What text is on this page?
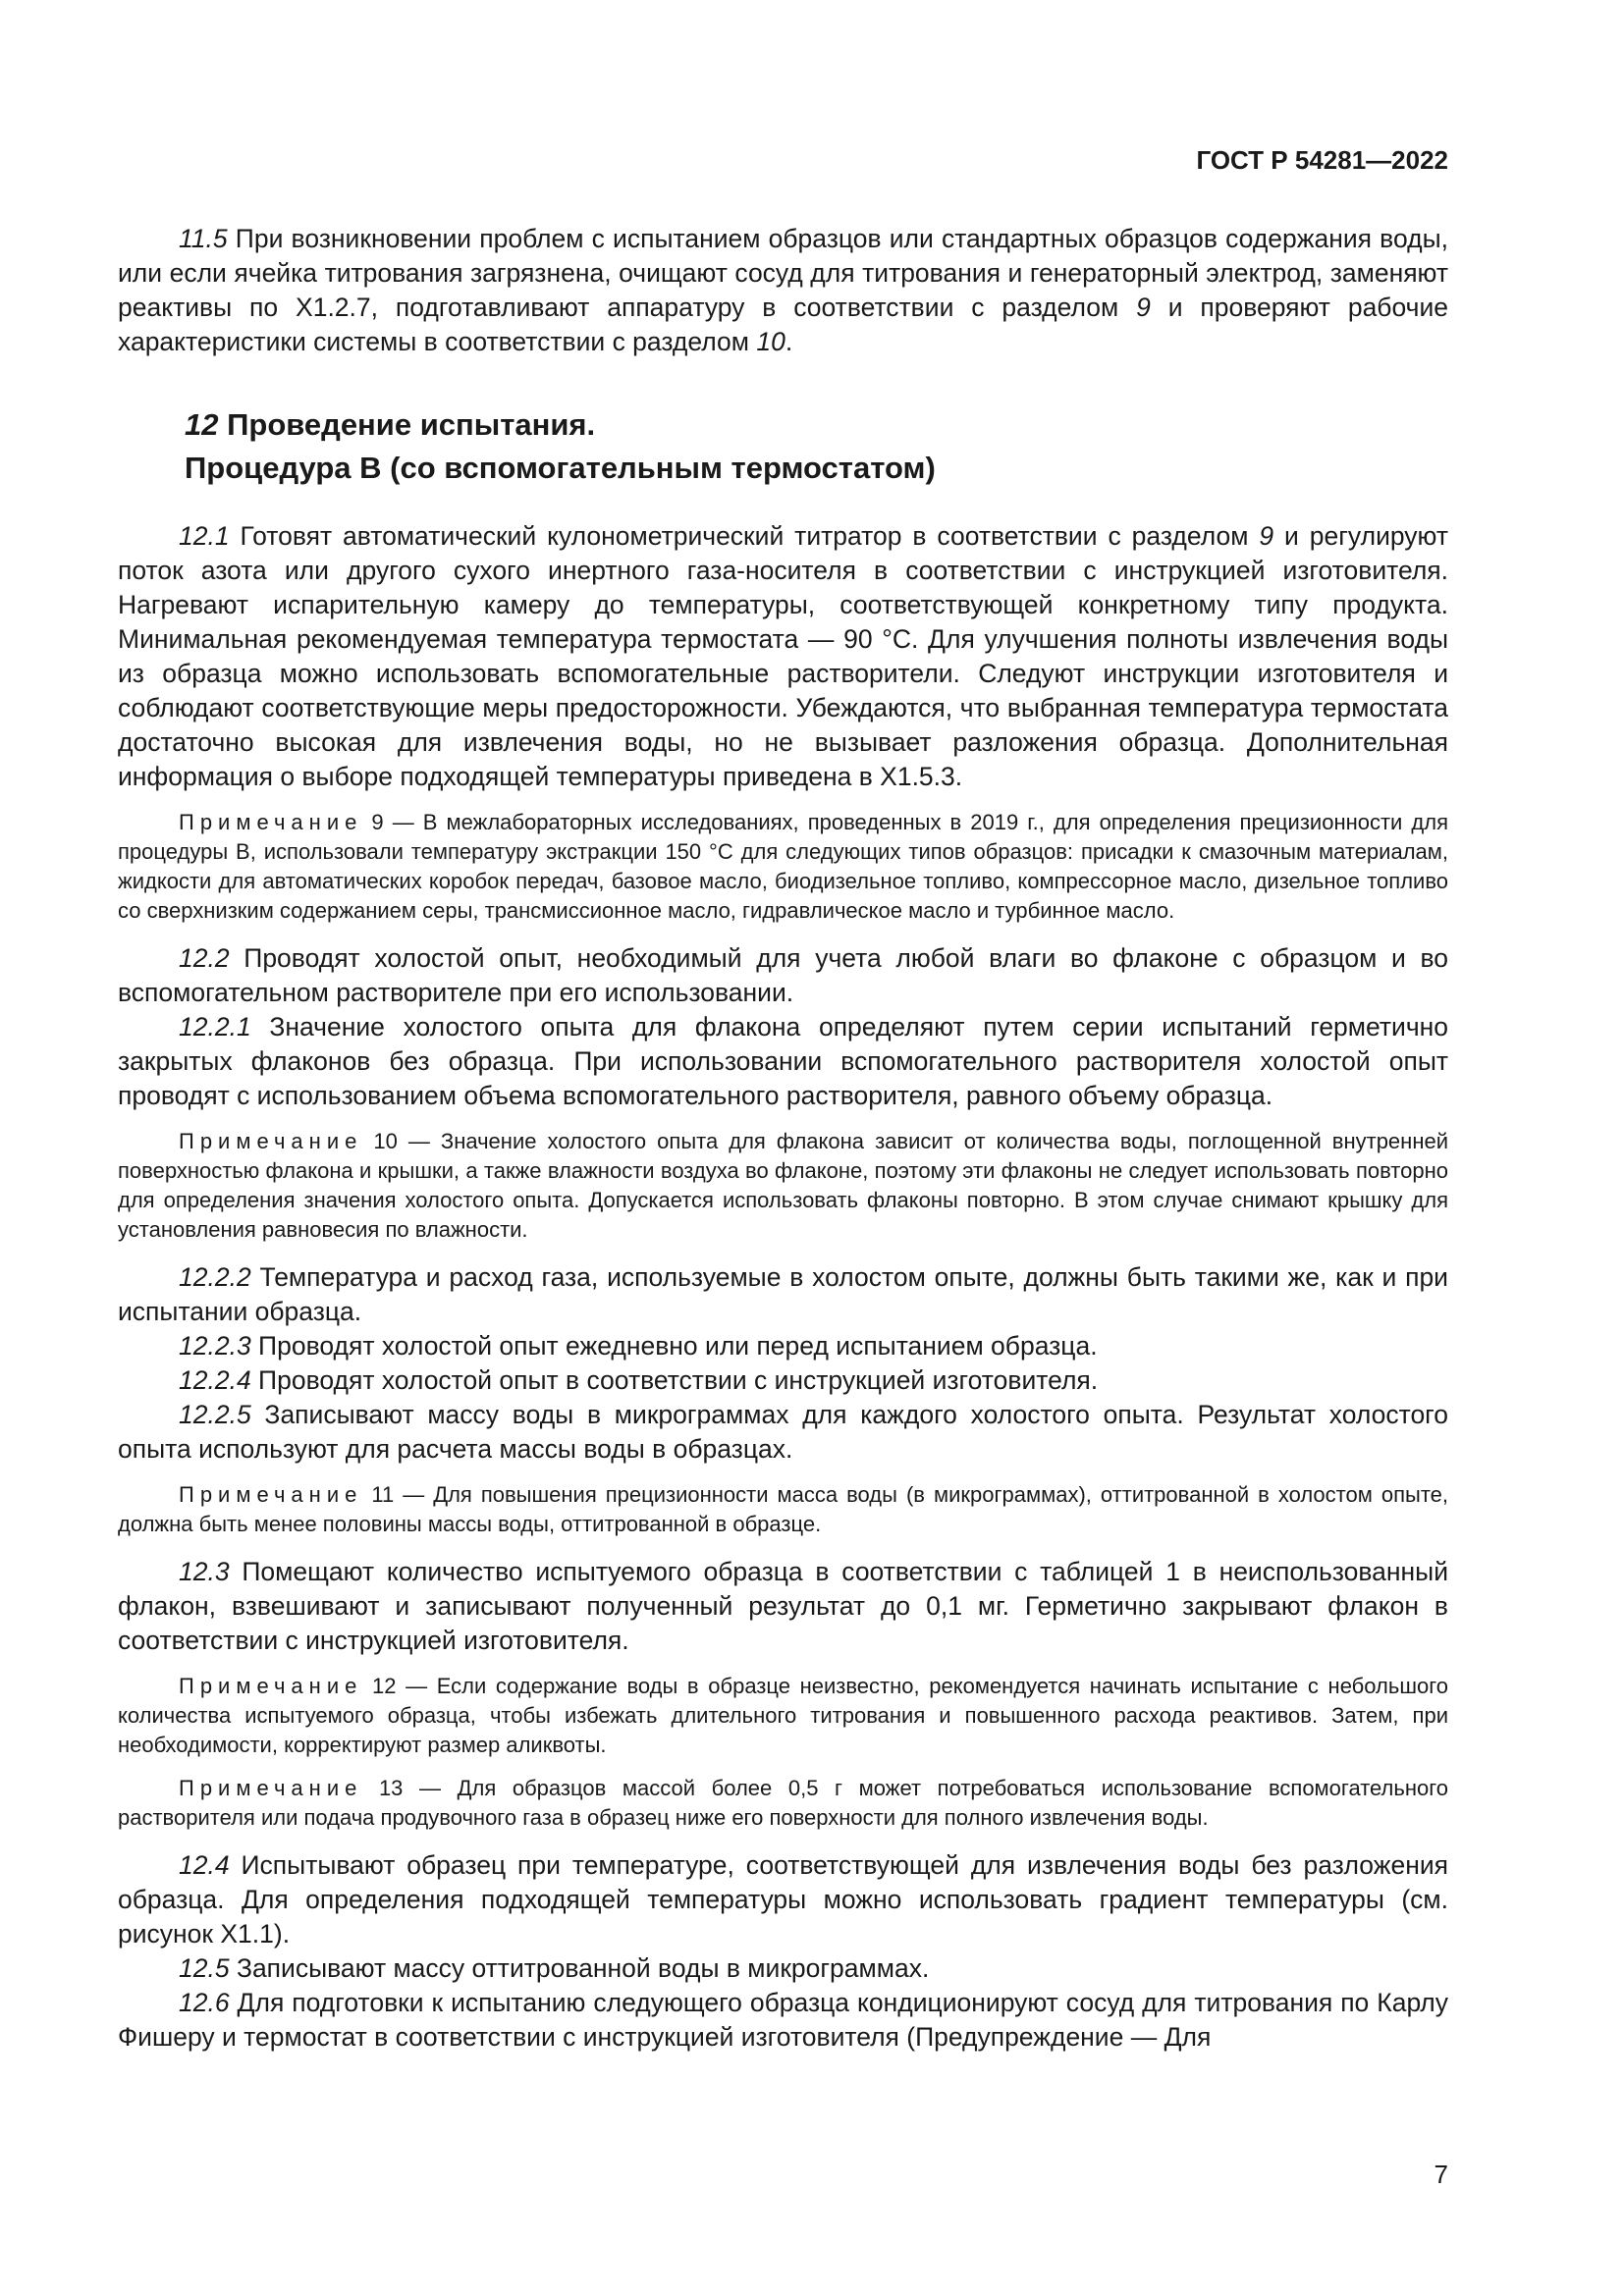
ГОСТ Р 54281—2022

11.5 При возникновении проблем с испытанием образцов или стандартных образцов содержания воды, или если ячейка титрования загрязнена, очищают сосуд для титрования и генераторный электрод, заменяют реактивы по X1.2.7, подготавливают аппаратуру в соответствии с разделом 9 и проверяют рабочие характеристики системы в соответствии с разделом 10.

12 Проведение испытания.
Процедура В (со вспомогательным термостатом)

12.1 Готовят автоматический кулонометрический титратор в соответствии с разделом 9 и регулируют поток азота или другого сухого инертного газа-носителя в соответствии с инструкцией изготовителя. Нагревают испарительную камеру до температуры, соответствующей конкретному типу продукта. Минимальная рекомендуемая температура термостата — 90 °С. Для улучшения полноты извлечения воды из образца можно использовать вспомогательные растворители. Следуют инструкции изготовителя и соблюдают соответствующие меры предосторожности. Убеждаются, что выбранная температура термостата достаточно высокая для извлечения воды, но не вызывает разложения образца. Дополнительная информация о выборе подходящей температуры приведена в X1.5.3.

Примечание 9 — В межлабораторных исследованиях, проведенных в 2019 г., для определения прецизионности для процедуры В, использовали температуру экстракции 150 °С для следующих типов образцов: присадки к смазочным материалам, жидкости для автоматических коробок передач, базовое масло, биодизельное топливо, компрессорное масло, дизельное топливо со сверхнизким содержанием серы, трансмиссионное масло, гидравлическое масло и турбинное масло.

12.2 Проводят холостой опыт, необходимый для учета любой влаги во флаконе с образцом и во вспомогательном растворителе при его использовании.

12.2.1 Значение холостого опыта для флакона определяют путем серии испытаний герметично закрытых флаконов без образца. При использовании вспомогательного растворителя холостой опыт проводят с использованием объема вспомогательного растворителя, равного объему образца.

Примечание 10 — Значение холостого опыта для флакона зависит от количества воды, поглощенной внутренней поверхностью флакона и крышки, а также влажности воздуха во флаконе, поэтому эти флаконы не следует использовать повторно для определения значения холостого опыта. Допускается использовать флаконы повторно. В этом случае снимают крышку для установления равновесия по влажности.

12.2.2 Температура и расход газа, используемые в холостом опыте, должны быть такими же, как и при испытании образца.

12.2.3 Проводят холостой опыт ежедневно или перед испытанием образца.

12.2.4 Проводят холостой опыт в соответствии с инструкцией изготовителя.

12.2.5 Записывают массу воды в микрограммах для каждого холостого опыта. Результат холостого опыта используют для расчета массы воды в образцах.

Примечание 11 — Для повышения прецизионности масса воды (в микрограммах), оттитрованной в холостом опыте, должна быть менее половины массы воды, оттитрованной в образце.

12.3 Помещают количество испытуемого образца в соответствии с таблицей 1 в неиспользованный флакон, взвешивают и записывают полученный результат до 0,1 мг. Герметично закрывают флакон в соответствии с инструкцией изготовителя.

Примечание 12 — Если содержание воды в образце неизвестно, рекомендуется начинать испытание с небольшого количества испытуемого образца, чтобы избежать длительного титрования и повышенного расхода реактивов. Затем, при необходимости, корректируют размер аликвоты.

Примечание 13 — Для образцов массой более 0,5 г может потребоваться использование вспомогательного растворителя или подача продувочного газа в образец ниже его поверхности для полного извлечения воды.

12.4 Испытывают образец при температуре, соответствующей для извлечения воды без разложения образца. Для определения подходящей температуры можно использовать градиент температуры (см. рисунок X1.1).

12.5 Записывают массу оттитрованной воды в микрограммах.

12.6 Для подготовки к испытанию следующего образца кондиционируют сосуд для титрования по Карлу Фишеру и термостат в соответствии с инструкцией изготовителя (Предупреждение — Для

7
